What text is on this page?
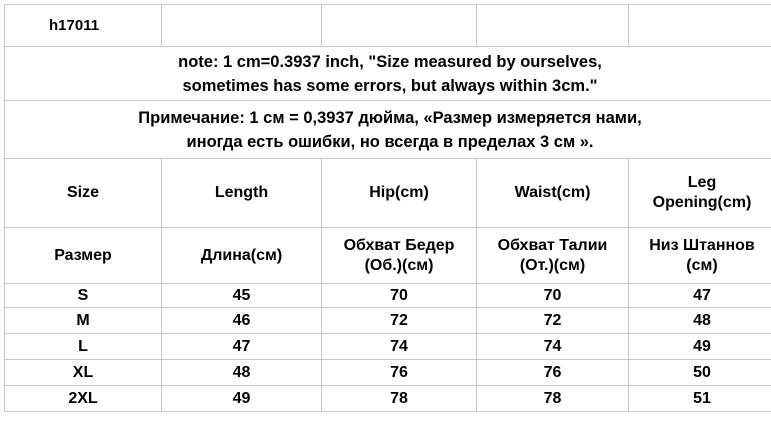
h17011				

note: 1 cm=0.3937 inch, "Size measured by ourselves,
sometimes has some errors, but always within 3cm."				

Примечание: 1 см = 0,3937 дюйма, «Размер измеряется нами,
иногда есть ошибки, но всегда в пределах 3 см ».				

Size	Length	Hip(cm)	Waist(cm)	Leg
Opening(cm)

Размер	Длина(см)	Обхват Бедер
(Об.)(см)	Обхват Талии
(От.)(см)	Низ Штаннов
(см)

S	45	70	70	47
M	46	72	72	48
L	47	74	74	49
XL	48	76	76	50
2XL	49	78	78	51
